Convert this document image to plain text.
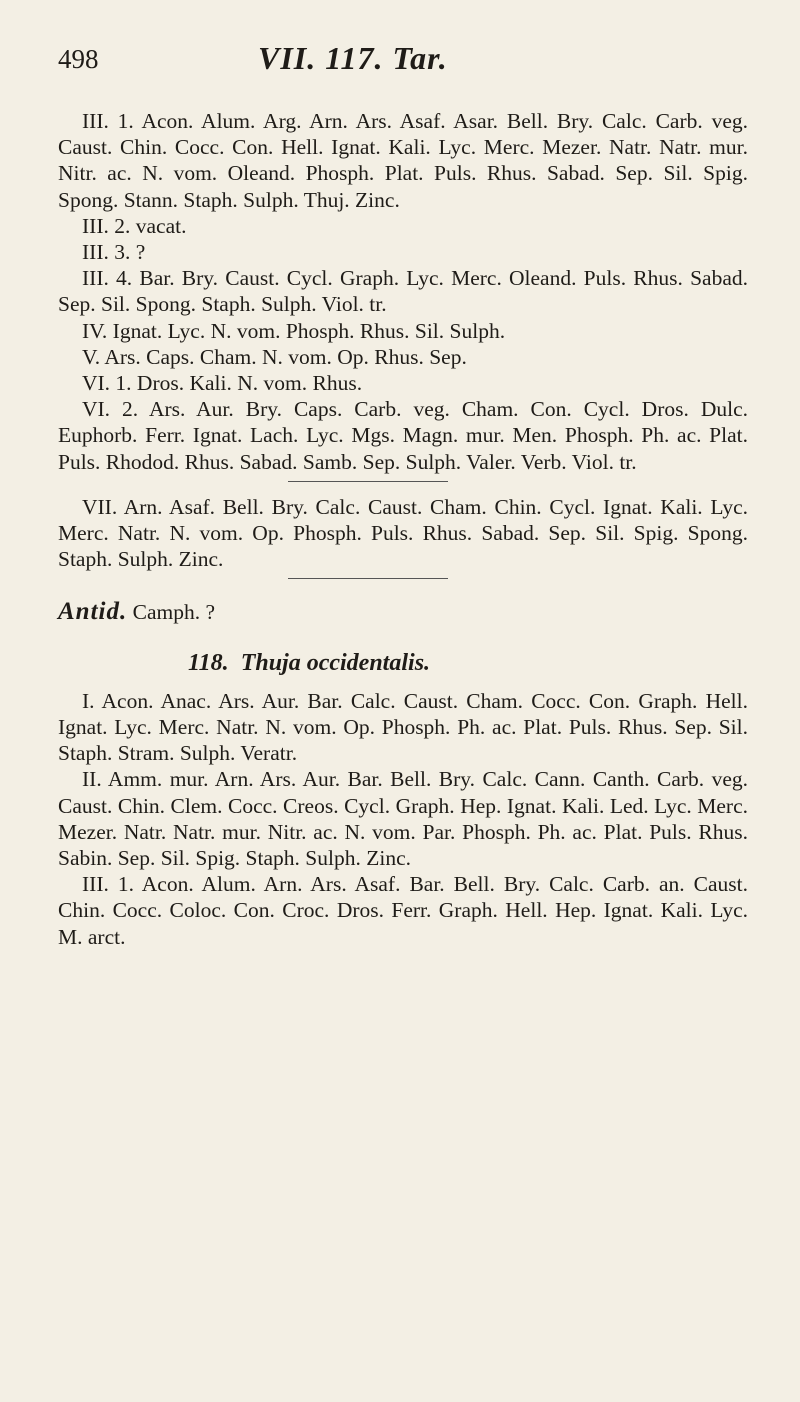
498	VII. 117. Tar.

III. 1. Acon. Alum. Arg. Arn. Ars. Asaf. Asar. Bell. Bry. Calc. Carb. veg. Caust. Chin. Cocc. Con. Hell. Ignat. Kali. Lyc. Merc. Mezer. Natr. Natr. mur. Nitr. ac. N. vom. Oleand. Phosph. Plat. Puls. Rhus. Sabad. Sep. Sil. Spig. Spong. Stann. Staph. Sulph. Thuj. Zinc.

III. 2. vacat.

III. 3. ?

III. 4. Bar. Bry. Caust. Cycl. Graph. Lyc. Merc. Oleand. Puls. Rhus. Sabad. Sep. Sil. Spong. Staph. Sulph. Viol. tr.

IV. Ignat. Lyc. N. vom. Phosph. Rhus. Sil. Sulph.

V. Ars. Caps. Cham. N. vom. Op. Rhus. Sep.

VI. 1. Dros. Kali. N. vom. Rhus.

VI. 2. Ars. Aur. Bry. Caps. Carb. veg. Cham. Con. Cycl. Dros. Dulc. Euphorb. Ferr. Ignat. Lach. Lyc. Mgs. Magn. mur. Men. Phosph. Ph. ac. Plat. Puls. Rhodod. Rhus. Sabad. Samb. Sep. Sulph. Valer. Verb. Viol. tr.

VII. Arn. Asaf. Bell. Bry. Calc. Caust. Cham. Chin. Cycl. Ignat. Kali. Lyc. Merc. Natr. N. vom. Op. Phosph. Puls. Rhus. Sabad. Sep. Sil. Spig. Spong. Staph. Sulph. Zinc.

Antid. Camph. ?

118. Thuja occidentalis.

I. Acon. Anac. Ars. Aur. Bar. Calc. Caust. Cham. Cocc. Con. Graph. Hell. Ignat. Lyc. Merc. Natr. N. vom. Op. Phosph. Ph. ac. Plat. Puls. Rhus. Sep. Sil. Staph. Stram. Sulph. Veratr.

II. Amm. mur. Arn. Ars. Aur. Bar. Bell. Bry. Calc. Cann. Canth. Carb. veg. Caust. Chin. Clem. Cocc. Creos. Cycl. Graph. Hep. Ignat. Kali. Led. Lyc. Merc. Mezer. Natr. Natr. mur. Nitr. ac. N. vom. Par. Phosph. Ph. ac. Plat. Puls. Rhus. Sabin. Sep. Sil. Spig. Staph. Sulph. Zinc.

III. 1. Acon. Alum. Arn. Ars. Asaf. Bar. Bell. Bry. Calc. Carb. an. Caust. Chin. Cocc. Coloc. Con. Croc. Dros. Ferr. Graph. Hell. Hep. Ignat. Kali. Lyc. M. arct.
